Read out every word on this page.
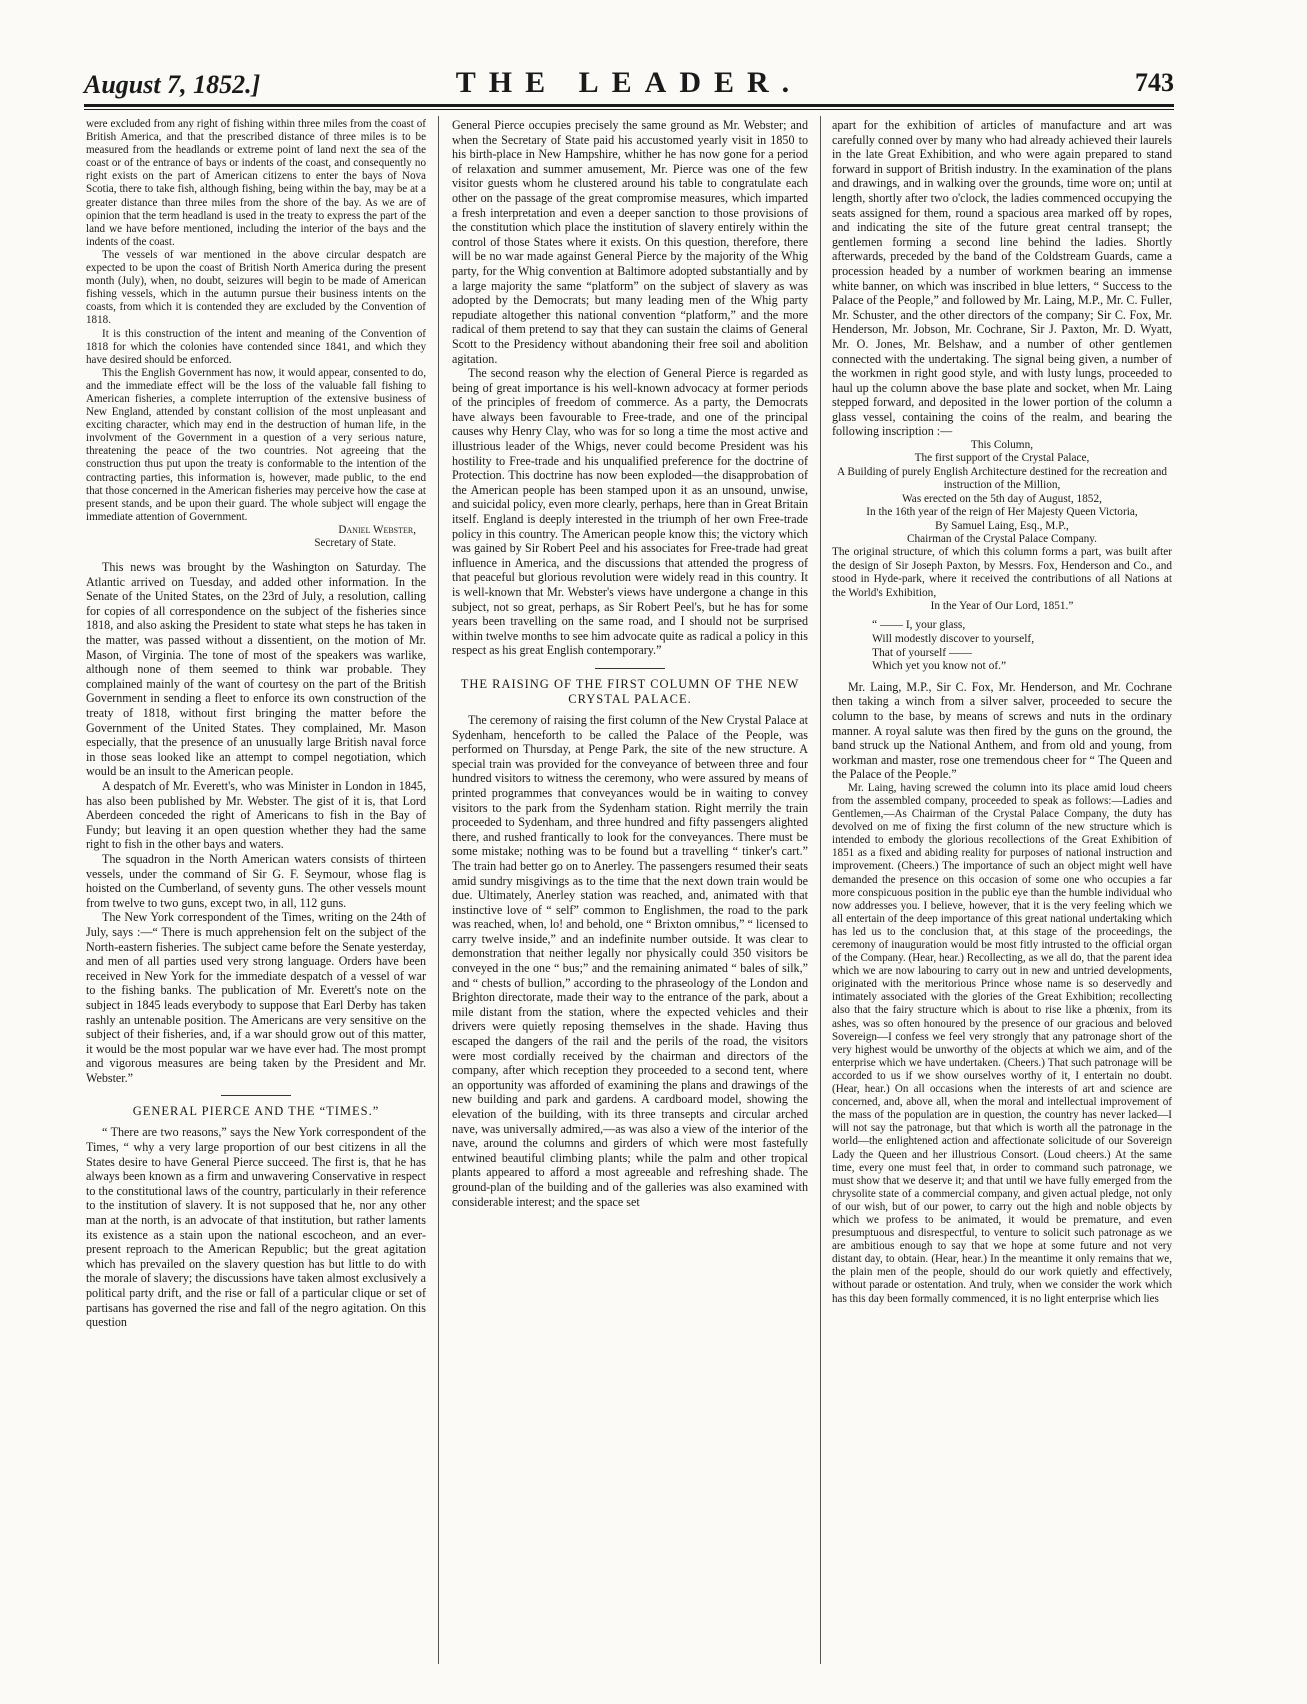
August 7, 1852.]	THE LEADER.	743

were excluded from any right of fishing within three miles from the coast of British America, and that the prescribed distance of three miles is to be measured from the headlands or extreme point of land next the sea of the coast or of the entrance of bays or indents of the coast, and consequently no right exists on the part of American citizens to enter the bays of Nova Scotia, there to take fish, although fishing, being within the bay, may be at a greater distance than three miles from the shore of the bay. As we are of opinion that the term headland is used in the treaty to express the part of the land we have before mentioned, including the interior of the bays and the indents of the coast.

The vessels of war mentioned in the above circular despatch are expected to be upon the coast of British North America during the present month (July), when, no doubt, seizures will begin to be made of American fishing vessels, which in the autumn pursue their business intents on the coasts, from which it is contended they are excluded by the Convention of 1818.

It is this construction of the intent and meaning of the Convention of 1818 for which the colonies have contended since 1841, and which they have desired should be enforced.

This the English Government has now, it would appear, consented to do, and the immediate effect will be the loss of the valuable fall fishing to American fisheries, a complete interruption of the extensive business of New England, attended by constant collision of the most unpleasant and exciting character, which may end in the destruction of human life, in the involvment of the Government in a question of a very serious nature, threatening the peace of the two countries. Not agreeing that the construction thus put upon the treaty is conformable to the intention of the contracting parties, this information is, however, made public, to the end that those concerned in the American fisheries may perceive how the case at present stands, and be upon their guard. The whole subject will engage the immediate attention of Government.

Daniel Webster,

Secretary of State.

This news was brought by the Washington on Saturday. The Atlantic arrived on Tuesday, and added other information. In the Senate of the United States, on the 23rd of July, a resolution, calling for copies of all correspondence on the subject of the fisheries since 1818, and also asking the President to state what steps he has taken in the matter, was passed without a dissentient, on the motion of Mr. Mason, of Virginia. The tone of most of the speakers was warlike, although none of them seemed to think war probable. They complained mainly of the want of courtesy on the part of the British Government in sending a fleet to enforce its own construction of the treaty of 1818, without first bringing the matter before the Government of the United States. They complained, Mr. Mason especially, that the presence of an unusually large British naval force in those seas looked like an attempt to compel negotiation, which would be an insult to the American people.

A despatch of Mr. Everett's, who was Minister in London in 1845, has also been published by Mr. Webster. The gist of it is, that Lord Aberdeen conceded the right of Americans to fish in the Bay of Fundy; but leaving it an open question whether they had the same right to fish in the other bays and waters.

The squadron in the North American waters consists of thirteen vessels, under the command of Sir G. F. Seymour, whose flag is hoisted on the Cumberland, of seventy guns. The other vessels mount from twelve to two guns, except two, in all, 112 guns.

The New York correspondent of the Times, writing on the 24th of July, says :—“ There is much apprehension felt on the subject of the North-eastern fisheries. The subject came before the Senate yesterday, and men of all parties used very strong language. Orders have been received in New York for the immediate despatch of a vessel of war to the fishing banks. The publication of Mr. Everett's note on the subject in 1845 leads everybody to suppose that Earl Derby has taken rashly an untenable position. The Americans are very sensitive on the subject of their fisheries, and, if a war should grow out of this matter, it would be the most popular war we have ever had. The most prompt and vigorous measures are being taken by the President and Mr. Webster.”

GENERAL PIERCE AND THE “TIMES.”

“ There are two reasons,” says the New York correspondent of the Times, “ why a very large proportion of our best citizens in all the States desire to have General Pierce succeed. The first is, that he has always been known as a firm and unwavering Conservative in respect to the constitutional laws of the country, particularly in their reference to the institution of slavery. It is not supposed that he, nor any other man at the north, is an advocate of that institution, but rather laments its existence as a stain upon the national escocheon, and an ever-present reproach to the American Republic; but the great agitation which has prevailed on the slavery question has but little to do with the morale of slavery; the discussions have taken almost exclusively a political party drift, and the rise or fall of a particular clique or set of partisans has governed the rise and fall of the negro agitation. On this question

General Pierce occupies precisely the same ground as Mr. Webster; and when the Secretary of State paid his accustomed yearly visit in 1850 to his birth-place in New Hampshire, whither he has now gone for a period of relaxation and summer amusement, Mr. Pierce was one of the few visitor guests whom he clustered around his table to congratulate each other on the passage of the great compromise measures, which imparted a fresh interpretation and even a deeper sanction to those provisions of the constitution which place the institution of slavery entirely within the control of those States where it exists. On this question, therefore, there will be no war made against General Pierce by the majority of the Whig party, for the Whig convention at Baltimore adopted substantially and by a large majority the same “platform” on the subject of slavery as was adopted by the Democrats; but many leading men of the Whig party repudiate altogether this national convention “platform,” and the more radical of them pretend to say that they can sustain the claims of General Scott to the Presidency without abandoning their free soil and abolition agitation.

The second reason why the election of General Pierce is regarded as being of great importance is his well-known advocacy at former periods of the principles of freedom of commerce. As a party, the Democrats have always been favourable to Free-trade, and one of the principal causes why Henry Clay, who was for so long a time the most active and illustrious leader of the Whigs, never could become President was his hostility to Free-trade and his unqualified preference for the doctrine of Protection. This doctrine has now been exploded—the disapprobation of the American people has been stamped upon it as an unsound, unwise, and suicidal policy, even more clearly, perhaps, here than in Great Britain itself. England is deeply interested in the triumph of her own Free-trade policy in this country. The American people know this; the victory which was gained by Sir Robert Peel and his associates for Free-trade had great influence in America, and the discussions that attended the progress of that peaceful but glorious revolution were widely read in this country. It is well-known that Mr. Webster's views have undergone a change in this subject, not so great, perhaps, as Sir Robert Peel's, but he has for some years been travelling on the same road, and I should not be surprised within twelve months to see him advocate quite as radical a policy in this respect as his great English contemporary.”

THE RAISING OF THE FIRST COLUMN OF THE NEW CRYSTAL PALACE.

The ceremony of raising the first column of the New Crystal Palace at Sydenham, henceforth to be called the Palace of the People, was performed on Thursday, at Penge Park, the site of the new structure. A special train was provided for the conveyance of between three and four hundred visitors to witness the ceremony, who were assured by means of printed programmes that conveyances would be in waiting to convey visitors to the park from the Sydenham station. Right merrily the train proceeded to Sydenham, and three hundred and fifty passengers alighted there, and rushed frantically to look for the conveyances. There must be some mistake; nothing was to be found but a travelling “ tinker's cart.” The train had better go on to Anerley. The passengers resumed their seats amid sundry misgivings as to the time that the next down train would be due. Ultimately, Anerley station was reached, and, animated with that instinctive love of “ self” common to Englishmen, the road to the park was reached, when, lo! and behold, one “ Brixton omnibus,” “ licensed to carry twelve inside,” and an indefinite number outside. It was clear to demonstration that neither legally nor physically could 350 visitors be conveyed in the one “ bus;” and the remaining animated “ bales of silk,” and “ chests of bullion,” according to the phraseology of the London and Brighton directorate, made their way to the entrance of the park, about a mile distant from the station, where the expected vehicles and their drivers were quietly reposing themselves in the shade. Having thus escaped the dangers of the rail and the perils of the road, the visitors were most cordially received by the chairman and directors of the company, after which reception they proceeded to a second tent, where an opportunity was afforded of examining the plans and drawings of the new building and park and gardens. A cardboard model, showing the elevation of the building, with its three transepts and circular arched nave, was universally admired,—as was also a view of the interior of the nave, around the columns and girders of which were most fastefully entwined beautiful climbing plants; while the palm and other tropical plants appeared to afford a most agreeable and refreshing shade. The ground-plan of the building and of the galleries was also examined with considerable interest; and the space set

apart for the exhibition of articles of manufacture and art was carefully conned over by many who had already achieved their laurels in the late Great Exhibition, and who were again prepared to stand forward in support of British industry. In the examination of the plans and drawings, and in walking over the grounds, time wore on; until at length, shortly after two o'clock, the ladies commenced occupying the seats assigned for them, round a spacious area marked off by ropes, and indicating the site of the future great central transept; the gentlemen forming a second line behind the ladies. Shortly afterwards, preceded by the band of the Coldstream Guards, came a procession headed by a number of workmen bearing an immense white banner, on which was inscribed in blue letters, “ Success to the Palace of the People,” and followed by Mr. Laing, M.P., Mr. C. Fuller, Mr. Schuster, and the other directors of the company; Sir C. Fox, Mr. Henderson, Mr. Jobson, Mr. Cochrane, Sir J. Paxton, Mr. D. Wyatt, Mr. O. Jones, Mr. Belshaw, and a number of other gentlemen connected with the undertaking. The signal being given, a number of the workmen in right good style, and with lusty lungs, proceeded to haul up the column above the base plate and socket, when Mr. Laing stepped forward, and deposited in the lower portion of the column a glass vessel, containing the coins of the realm, and bearing the following inscription :—

This Column,
The first support of the Crystal Palace,
A Building of purely English Architecture destined for the recreation and instruction of the Million,
Was erected on the 5th day of August, 1852,
In the 16th year of the reign of Her Majesty Queen Victoria,
By Samuel Laing, Esq., M.P.,
Chairman of the Crystal Palace Company.
The original structure, of which this column forms a part, was built after the design of Sir Joseph Paxton, by Messrs. Fox, Henderson and Co., and stood in Hyde-park, where it received the contributions of all Nations at the World's Exhibition,
In the Year of Our Lord, 1851.”
“ —— I, your glass,
Will modestly discover to yourself,
That of yourself ——
Which yet you know not of.”

Mr. Laing, M.P., Sir C. Fox, Mr. Henderson, and Mr. Cochrane then taking a winch from a silver salver, proceeded to secure the column to the base, by means of screws and nuts in the ordinary manner. A royal salute was then fired by the guns on the ground, the band struck up the National Anthem, and from old and young, from workman and master, rose one tremendous cheer for “ The Queen and the Palace of the People.”

Mr. Laing, having screwed the column into its place amid loud cheers from the assembled company, proceeded to speak as follows:—Ladies and Gentlemen,—As Chairman of the Crystal Palace Company, the duty has devolved on me of fixing the first column of the new structure which is intended to embody the glorious recollections of the Great Exhibition of 1851 as a fixed and abiding reality for purposes of national instruction and improvement. (Cheers.) The importance of such an object might well have demanded the presence on this occasion of some one who occupies a far more conspicuous position in the public eye than the humble individual who now addresses you. I believe, however, that it is the very feeling which we all entertain of the deep importance of this great national undertaking which has led us to the conclusion that, at this stage of the proceedings, the ceremony of inauguration would be most fitly intrusted to the official organ of the Company. (Hear, hear.) Recollecting, as we all do, that the parent idea which we are now labouring to carry out in new and untried developments, originated with the meritorious Prince whose name is so deservedly and intimately associated with the glories of the Great Exhibition; recollecting also that the fairy structure which is about to rise like a phœnix, from its ashes, was so often honoured by the presence of our gracious and beloved Sovereign—I confess we feel very strongly that any patronage short of the very highest would be unworthy of the objects at which we aim, and of the enterprise which we have undertaken. (Cheers.) That such patronage will be accorded to us if we show ourselves worthy of it, I entertain no doubt. (Hear, hear.) On all occasions when the interests of art and science are concerned, and, above all, when the moral and intellectual improvement of the mass of the population are in question, the country has never lacked—I will not say the patronage, but that which is worth all the patronage in the world—the enlightened action and affectionate solicitude of our Sovereign Lady the Queen and her illustrious Consort. (Loud cheers.) At the same time, every one must feel that, in order to command such patronage, we must show that we deserve it; and that until we have fully emerged from the chrysolite state of a commercial company, and given actual pledge, not only of our wish, but of our power, to carry out the high and noble objects by which we profess to be animated, it would be premature, and even presumptuous and disrespectful, to venture to solicit such patronage as we are ambitious enough to say that we hope at some future and not very distant day, to obtain. (Hear, hear.) In the meantime it only remains that we, the plain men of the people, should do our work quietly and effectively, without parade or ostentation. And truly, when we consider the work which has this day been formally commenced, it is no light enterprise which lies
